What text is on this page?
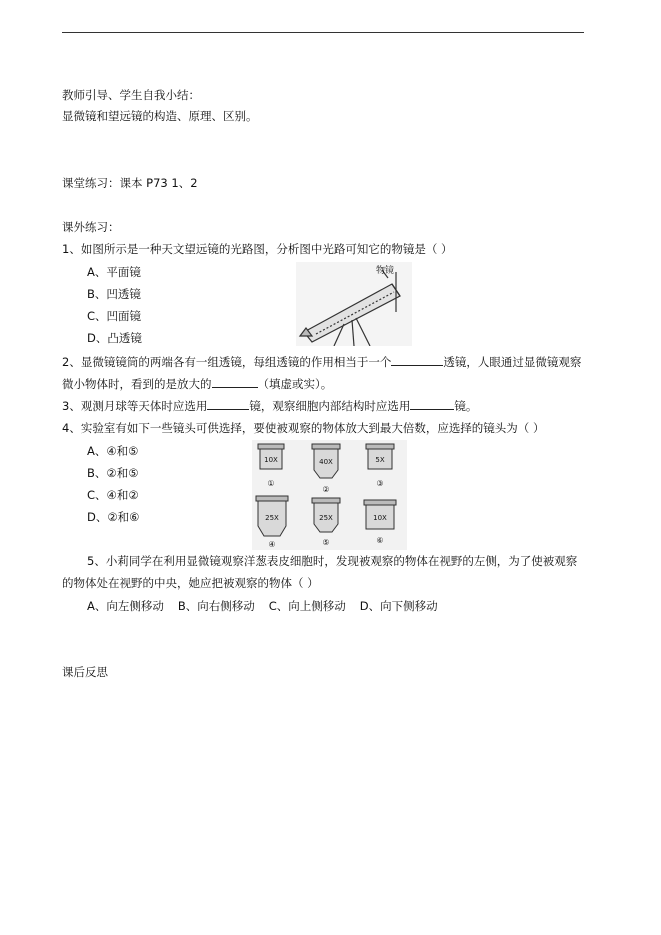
教师引导、学生自我小结：
显微镜和望远镜的构造、原理、区别。
课堂练习：课本 P73 1、2
课外练习：
1、如图所示是一种天文望远镜的光路图，分析图中光路可知它的物镜是（ ）
A、平面镜
B、凹透镜
C、凹面镜
D、凸透镜
物镜
2、显微镜镜筒的两端各有一组透镜，每组透镜的作用相当于一个	透镜，人眼通过显微镜观察
微小物体时，看到的是放大的	（填虚或实）。
3、观测月球等天体时应选用	镜，观察细胞内部结构时应选用	镜。
4、实验室有如下一些镜头可供选择，要使被观察的物体放大到最大倍数，应选择的镜头为（ ）
A、④和⑤
B、②和⑤
C、④和②
D、②和⑥
10X	40X	5X
25X	25X	10X
①
②
③
④	⑤	⑥
5、小莉同学在利用显微镜观察洋葱表皮细胞时，发现被观察的物体在视野的左侧，为了使被观察
的物体处在视野的中央，她应把被观察的物体（ ）
A、向左侧移动 B、向右侧移动 C、向上侧移动 D、向下侧移动
课后反思
